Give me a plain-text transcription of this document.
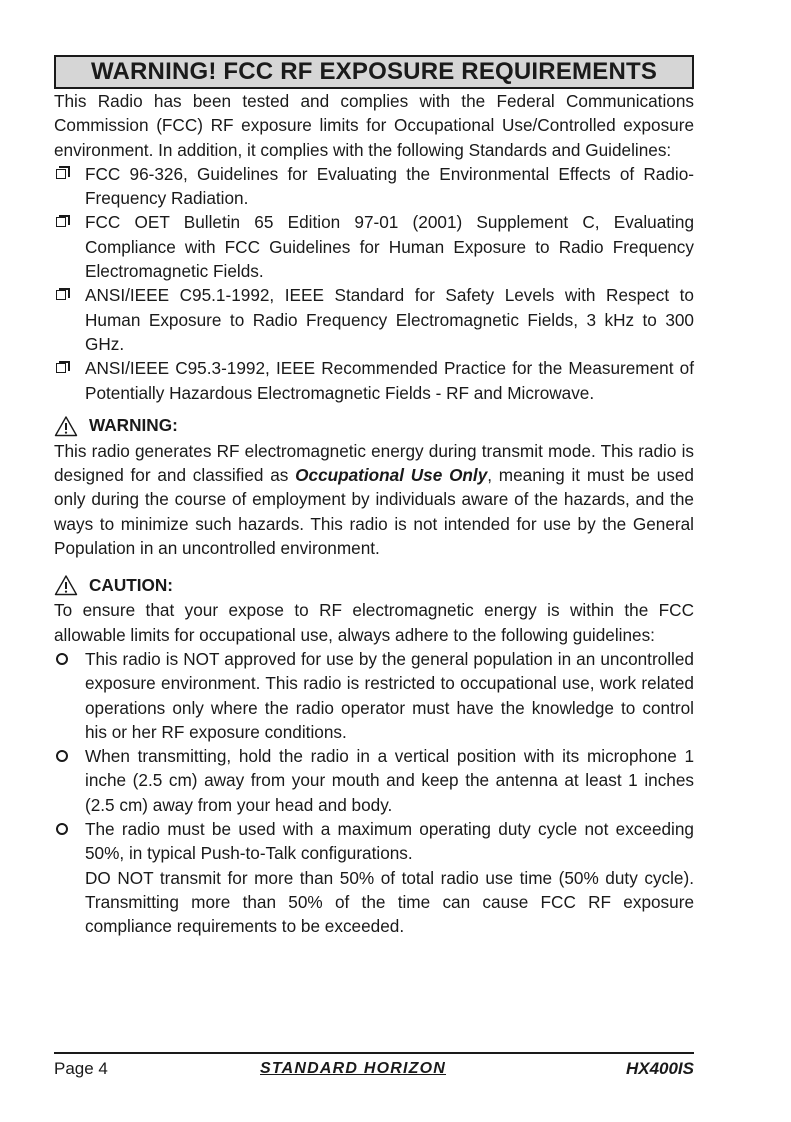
WARNING! FCC RF EXPOSURE REQUIREMENTS

This Radio has been tested and complies with the Federal Communications Commission (FCC) RF exposure limits for Occupational Use/Controlled exposure environment. In addition, it complies with the following Standards and Guidelines:

FCC 96-326, Guidelines for Evaluating the Environmental Effects of Radio-Frequency Radiation.
FCC OET Bulletin 65 Edition 97-01 (2001) Supplement C, Evaluating Compliance with FCC Guidelines for Human Exposure to Radio Frequency Electromagnetic Fields.
ANSI/IEEE C95.1-1992, IEEE Standard for Safety Levels with Respect to Human Exposure to Radio Frequency Electromagnetic Fields, 3 kHz to 300 GHz.
ANSI/IEEE C95.3-1992, IEEE Recommended Practice for the Measurement of Potentially Hazardous Electromagnetic Fields - RF and Microwave.
WARNING:

This radio generates RF electromagnetic energy during transmit mode. This radio is designed for and classified as Occupational Use Only, meaning it must be used only during the course of employment by individuals aware of the hazards, and the ways to minimize such hazards. This radio is not intended for use by the General Population in an uncontrolled environment.

CAUTION:

To ensure that your expose to RF electromagnetic energy is within the FCC allowable limits for occupational use, always adhere to the following guidelines:

This radio is NOT approved for use by the general population in an uncontrolled exposure environment. This radio is restricted to occupational use, work related operations only where the radio operator must have the knowledge to control his or her RF exposure conditions.
When transmitting, hold the radio in a vertical position with its microphone 1 inche (2.5 cm) away from your mouth and keep the antenna at least 1 inches (2.5 cm) away from your head and body.
The radio must be used with a maximum operating duty cycle not exceeding 50%, in typical Push-to-Talk configurations.
DO NOT transmit for more than 50% of total radio use time (50% duty cycle). Transmitting more than 50% of the time can cause FCC RF exposure compliance requirements to be exceeded.
Page 4	STANDARD HORIZON	HX400IS
